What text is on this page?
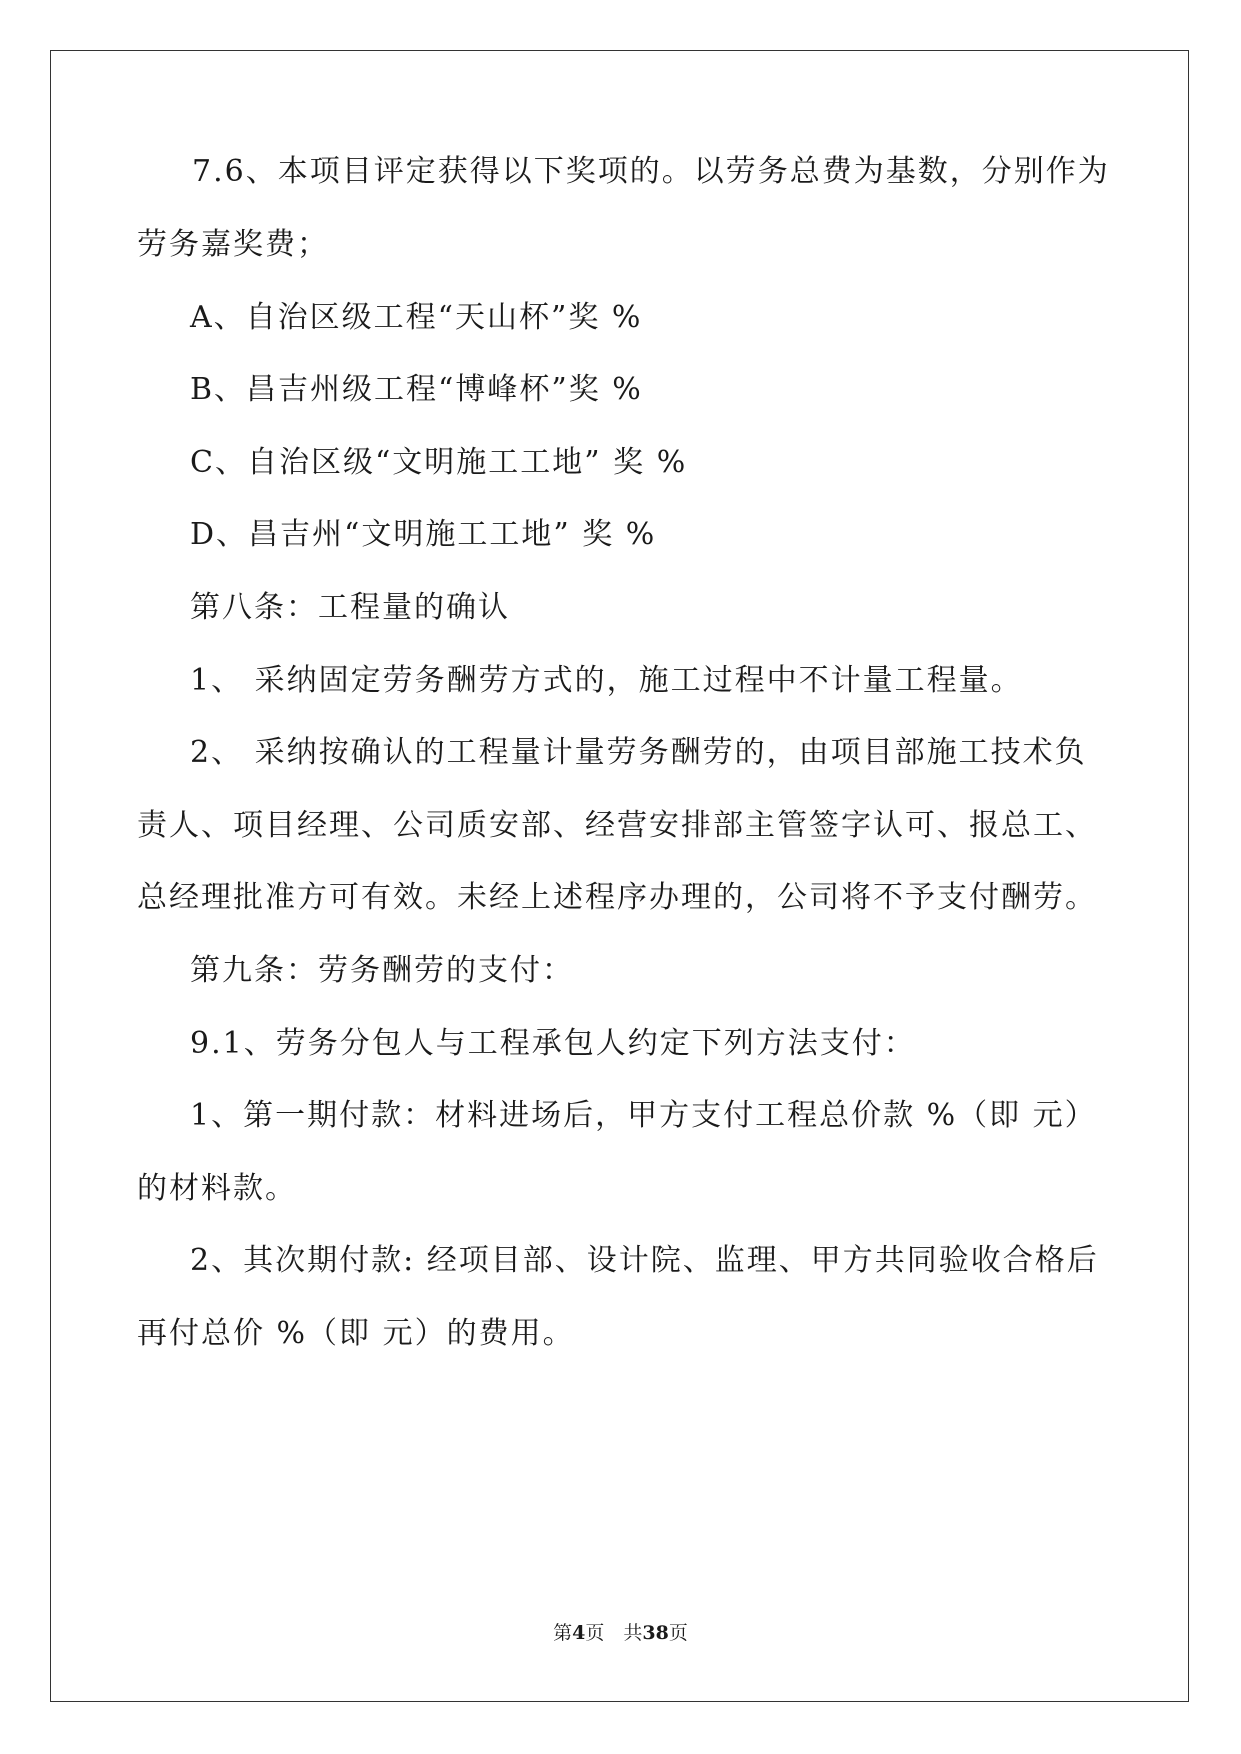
7.6、本项目评定获得以下奖项的。以劳务总费为基数，分别作为
劳务嘉奖费；
A、自治区级工程“天山杯”奖 %
B、昌吉州级工程“博峰杯”奖 %
C、自治区级“文明施工工地” 奖 %
D、昌吉州“文明施工工地” 奖 %
第八条：工程量的确认
1、 采纳固定劳务酬劳方式的，施工过程中不计量工程量。
2、 采纳按确认的工程量计量劳务酬劳的，由项目部施工技术负
责人、项目经理、公司质安部、经营安排部主管签字认可、报总工、
总经理批准方可有效。未经上述程序办理的，公司将不予支付酬劳。
第九条：劳务酬劳的支付：
9.1、劳务分包人与工程承包人约定下列方法支付：
1、第一期付款：材料进场后，甲方支付工程总价款 %（即 元）
的材料款。
2、其次期付款: 经项目部、设计院、监理、甲方共同验收合格后
再付总价 %（即 元）的费用。
第4页　共38页
